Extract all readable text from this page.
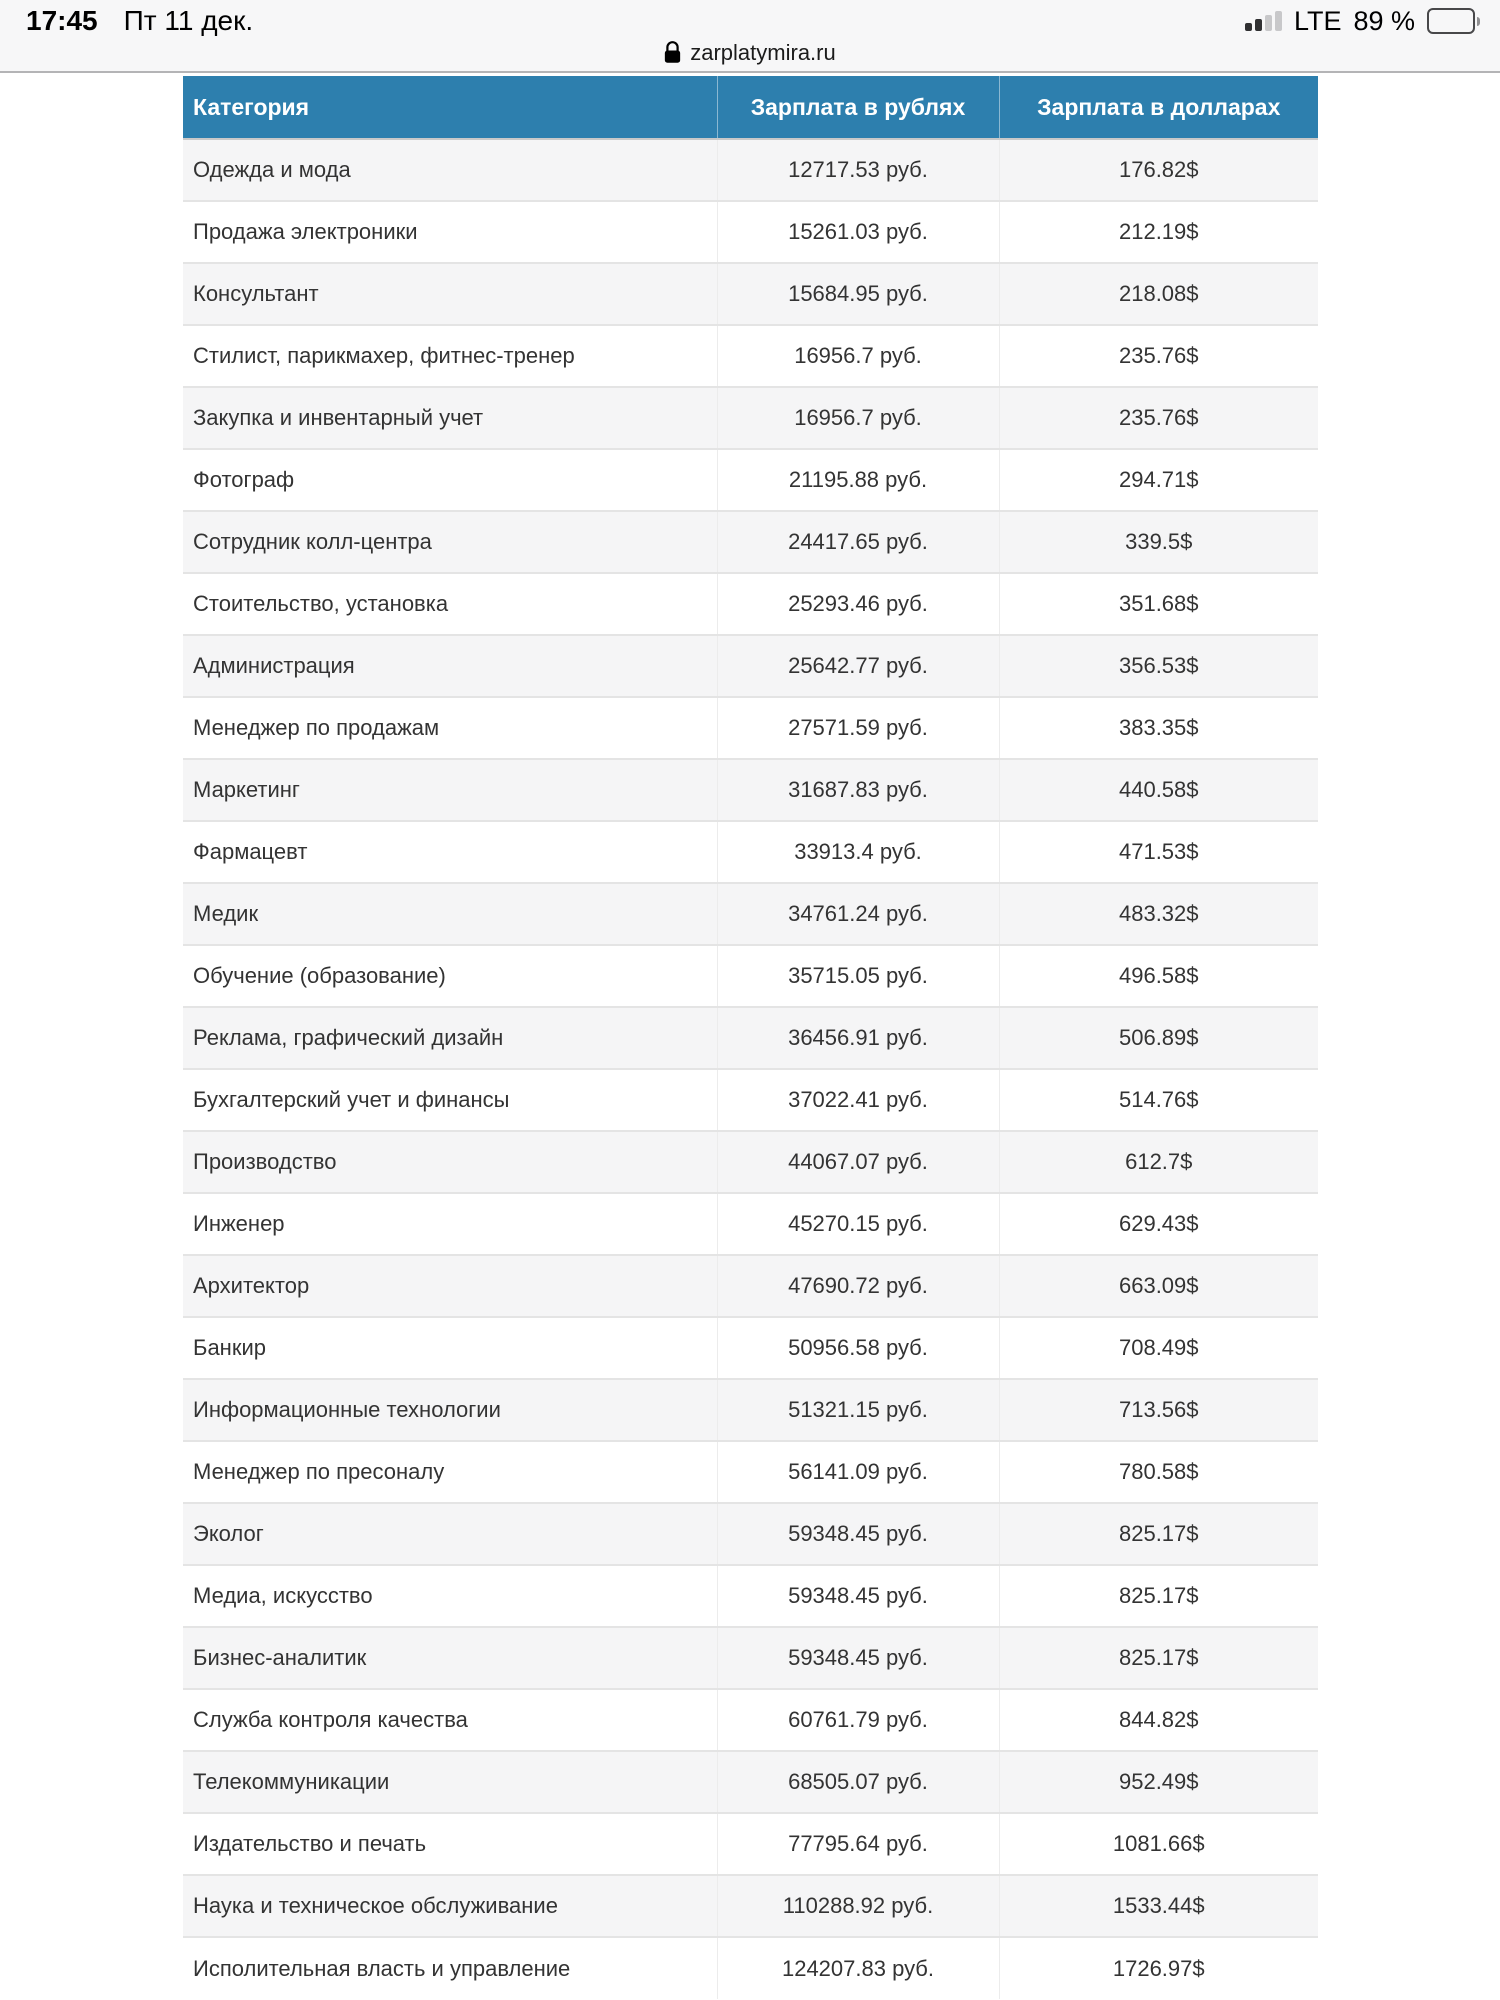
17:45 Пт 11 дек.	LTE 89 %
zarplatymira.ru
Категория	Зарплата в рублях	Зарплата в долларах
Одежда и мода	12717.53 руб.	176.82$
Продажа электроники	15261.03 руб.	212.19$
Консультант	15684.95 руб.	218.08$
Стилист, парикмахер, фитнес-тренер	16956.7 руб.	235.76$
Закупка и инвентарный учет	16956.7 руб.	235.76$
Фотограф	21195.88 руб.	294.71$
Сотрудник колл-центра	24417.65 руб.	339.5$
Стоительство, установка	25293.46 руб.	351.68$
Администрация	25642.77 руб.	356.53$
Менеджер по продажам	27571.59 руб.	383.35$
Маркетинг	31687.83 руб.	440.58$
Фармацевт	33913.4 руб.	471.53$
Медик	34761.24 руб.	483.32$
Обучение (образование)	35715.05 руб.	496.58$
Реклама, графический дизайн	36456.91 руб.	506.89$
Бухгалтерский учет и финансы	37022.41 руб.	514.76$
Производство	44067.07 руб.	612.7$
Инженер	45270.15 руб.	629.43$
Архитектор	47690.72 руб.	663.09$
Банкир	50956.58 руб.	708.49$
Информационные технологии	51321.15 руб.	713.56$
Менеджер по пресоналу	56141.09 руб.	780.58$
Эколог	59348.45 руб.	825.17$
Медиа, искусство	59348.45 руб.	825.17$
Бизнес-аналитик	59348.45 руб.	825.17$
Служба контроля качества	60761.79 руб.	844.82$
Телекоммуникации	68505.07 руб.	952.49$
Издательство и печать	77795.64 руб.	1081.66$
Наука и техническое обслуживание	110288.92 руб.	1533.44$
Исполительная власть и управление	124207.83 руб.	1726.97$
